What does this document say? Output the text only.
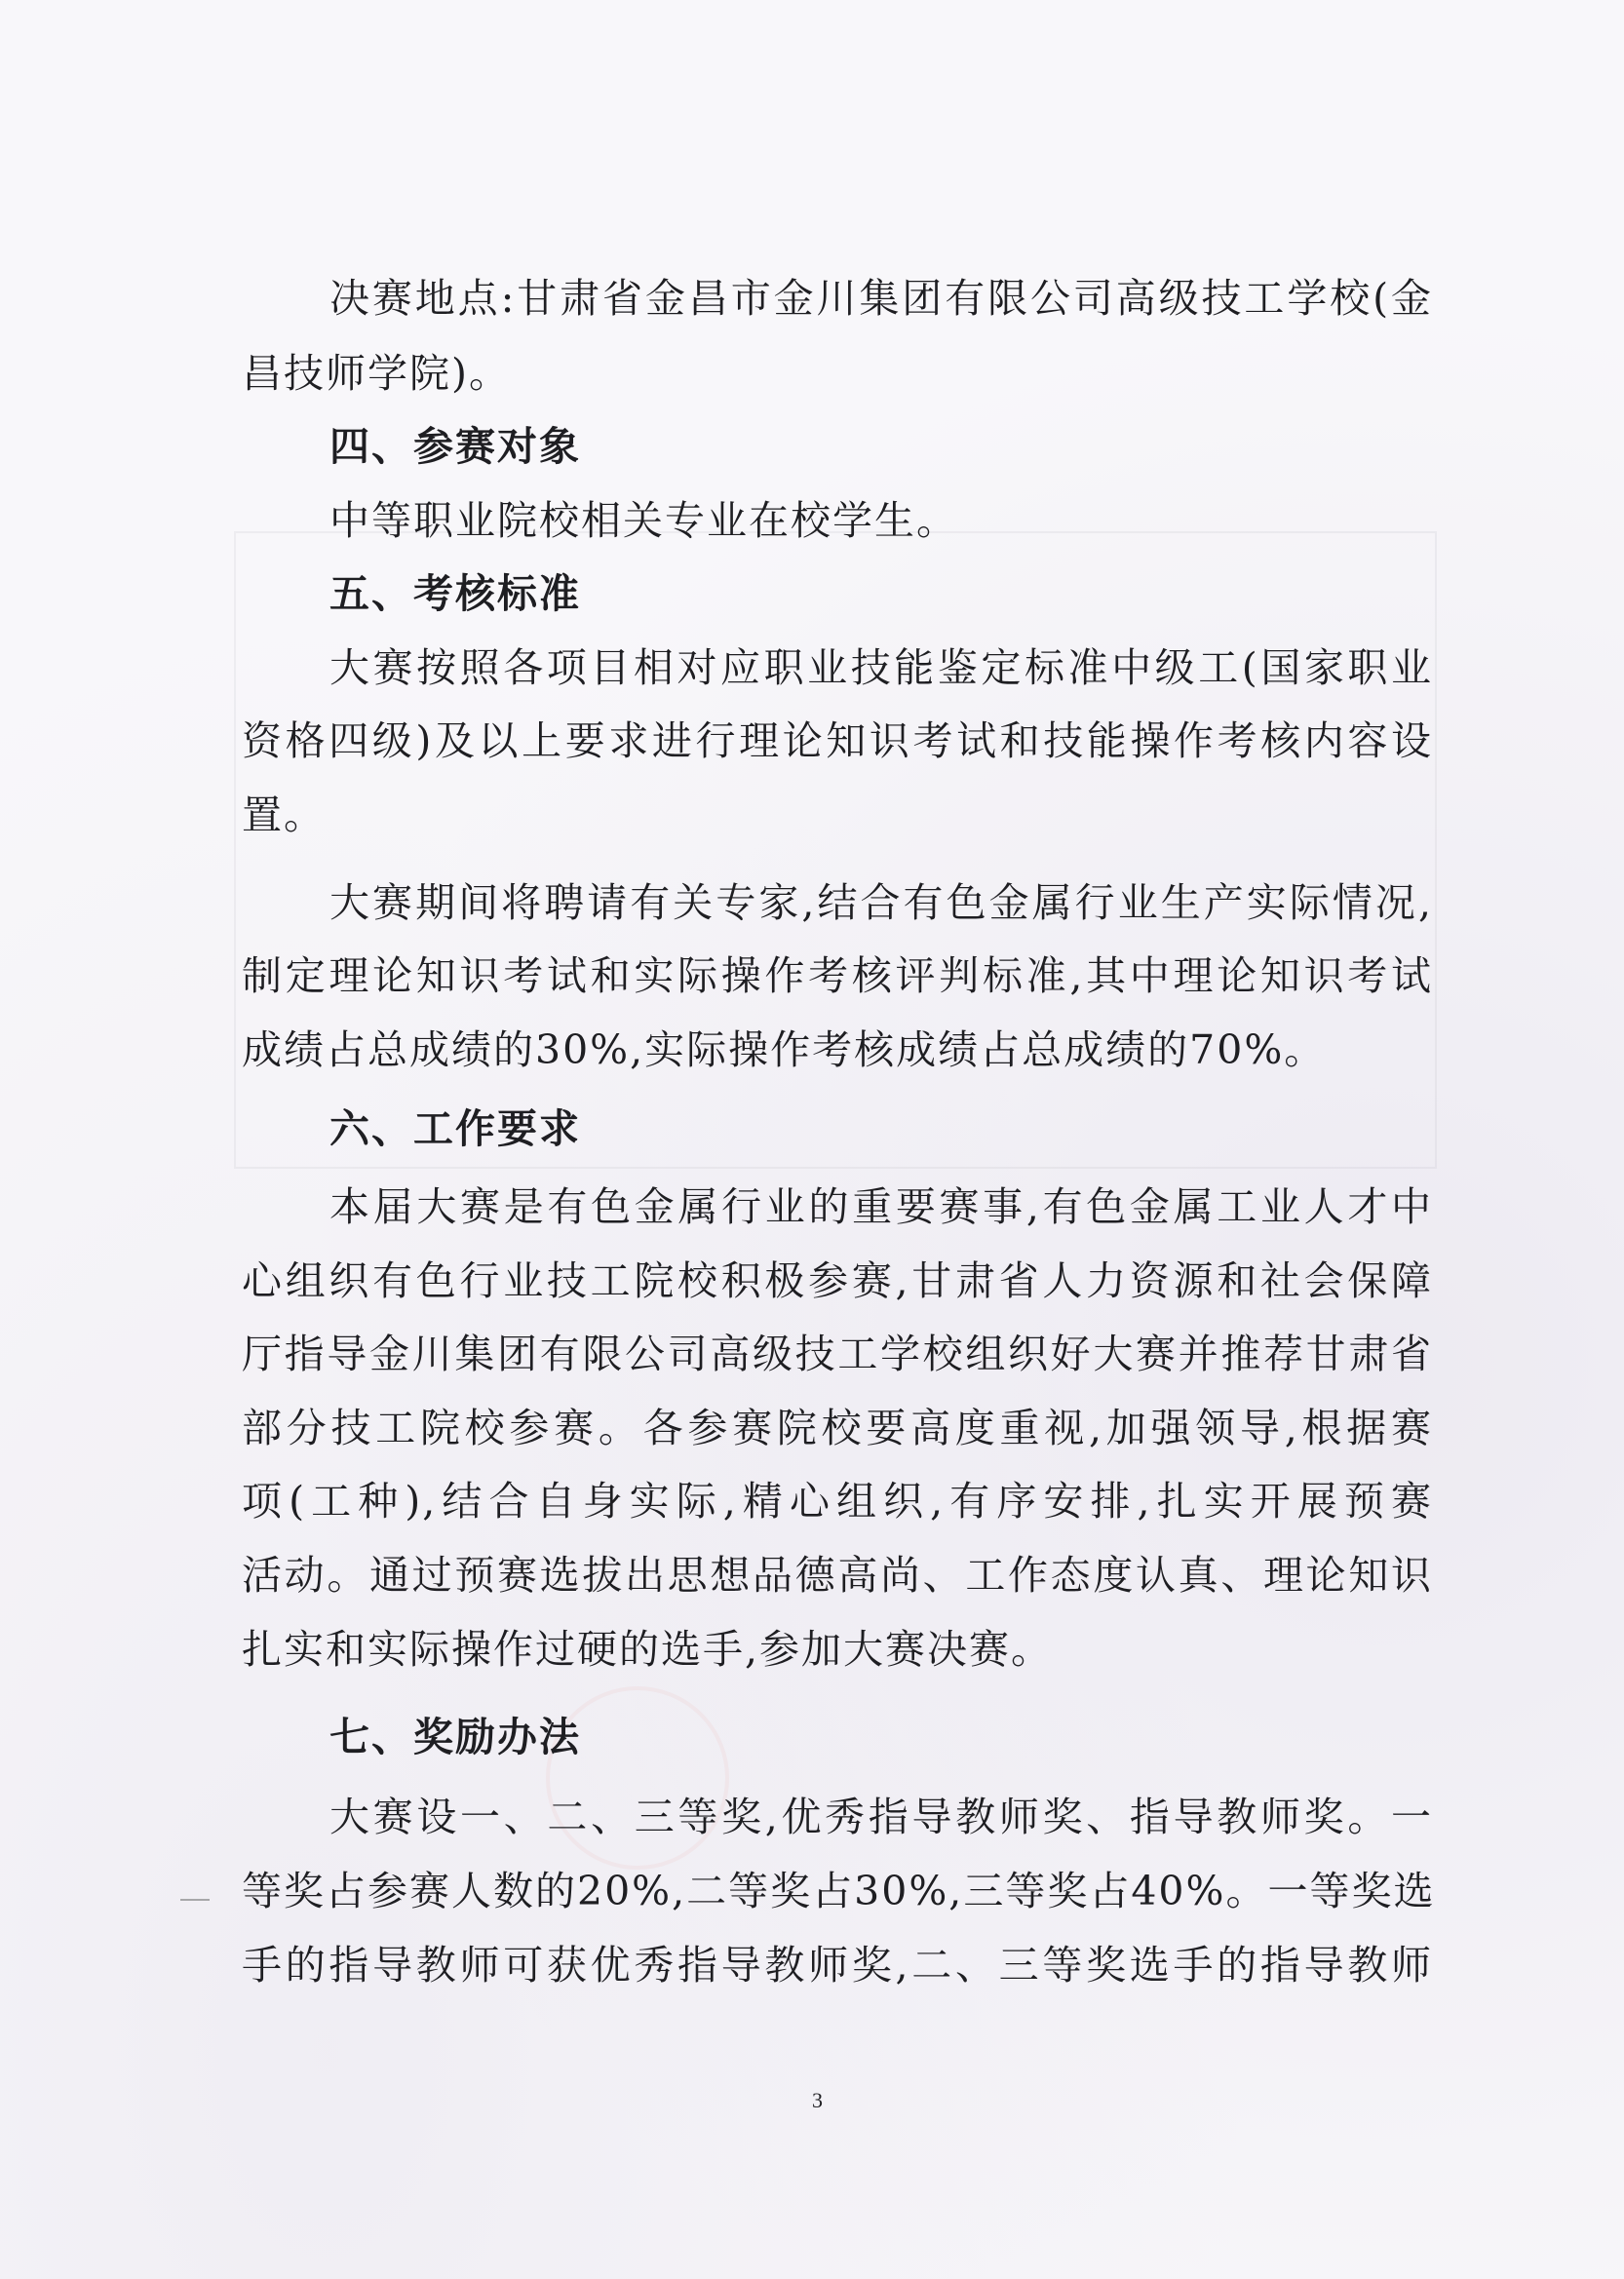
决赛地点:甘肃省金昌市金川集团有限公司高级技工学校(金
昌技师学院)。
四、参赛对象
中等职业院校相关专业在校学生。
五、考核标准
大赛按照各项目相对应职业技能鉴定标准中级工(国家职业
资格四级)及以上要求进行理论知识考试和技能操作考核内容设
置。
大赛期间将聘请有关专家,结合有色金属行业生产实际情况,
制定理论知识考试和实际操作考核评判标准,其中理论知识考试
成绩占总成绩的30%,实际操作考核成绩占总成绩的70%。
六、工作要求
本届大赛是有色金属行业的重要赛事,有色金属工业人才中
心组织有色行业技工院校积极参赛,甘肃省人力资源和社会保障
厅指导金川集团有限公司高级技工学校组织好大赛并推荐甘肃省
部分技工院校参赛。各参赛院校要高度重视,加强领导,根据赛
项(工种),结合自身实际,精心组织,有序安排,扎实开展预赛
活动。通过预赛选拔出思想品德高尚、工作态度认真、理论知识
扎实和实际操作过硬的选手,参加大赛决赛。
七、奖励办法
大赛设一、二、三等奖,优秀指导教师奖、指导教师奖。一
等奖占参赛人数的20%,二等奖占30%,三等奖占40%。一等奖选
手的指导教师可获优秀指导教师奖,二、三等奖选手的指导教师
3
